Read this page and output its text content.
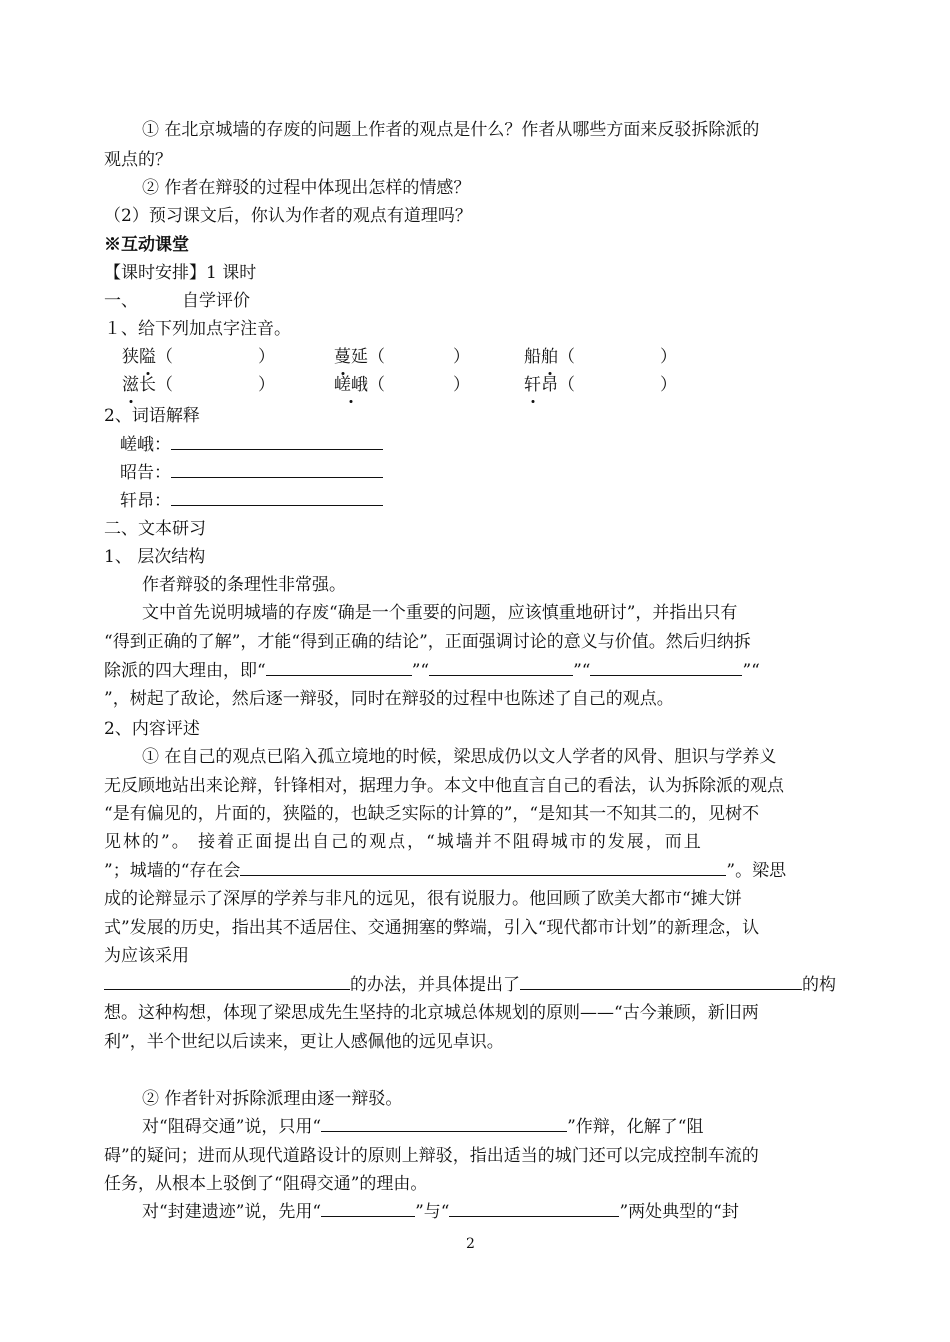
① 在北京城墙的存废的问题上作者的观点是什么？作者从哪些方面来反驳拆除派的
观点的？
② 作者在辩驳的过程中体现出怎样的情感？
（2）预习课文后，你认为作者的观点有道理吗？
※互动课堂
【课时安排】1 课时
一、	自学评价
１、给下列加点字注音。
狭隘（　　　　　）	蔓延（　　　　）	船舶（　　　　　）
滋长（　　　　　）	嵯峨（　　　　）	轩昂（　　　　　）
2、词语解释
嵯峨：
昭告：
轩昂：
二、文本研习
1、 层次结构
作者辩驳的条理性非常强。
文中首先说明城墙的存废“确是一个重要的问题，应该慎重地研讨”，并指出只有
“得到正确的了解”，才能“得到正确的结论”，正面强调讨论的意义与价值。然后归纳拆
除派的四大理由，即“	”“	”“	”“
”，树起了敌论，然后逐一辩驳，同时在辩驳的过程中也陈述了自己的观点。
2、内容评述
① 在自己的观点已陷入孤立境地的时候，梁思成仍以文人学者的风骨、胆识与学养义
无反顾地站出来论辩，针锋相对，据理力争。本文中他直言自己的看法，认为拆除派的观点
“是有偏见的，片面的，狭隘的，也缺乏实际的计算的”，“是知其一不知其二的，见树不
见林的”。 接着正面提出自己的观点，“城墙并不阻碍城市的发展，而且
”；城墙的“存在会	”。梁思
成的论辩显示了深厚的学养与非凡的远见，很有说服力。他回顾了欧美大都市“摊大饼
式”发展的历史，指出其不适居住、交通拥塞的弊端，引入“现代都市计划”的新理念，认
为应该采用
的办法，并具体提出了	的构
想。这种构想，体现了梁思成先生坚持的北京城总体规划的原则——“古今兼顾，新旧两
利”，半个世纪以后读来，更让人感佩他的远见卓识。
② 作者针对拆除派理由逐一辩驳。
对“阻碍交通”说，只用“	”作辩，化解了“阻
碍”的疑问；进而从现代道路设计的原则上辩驳，指出适当的城门还可以完成控制车流的
任务，从根本上驳倒了“阻碍交通”的理由。
对“封建遗迹”说，先用“	”与“	”两处典型的“封
2
